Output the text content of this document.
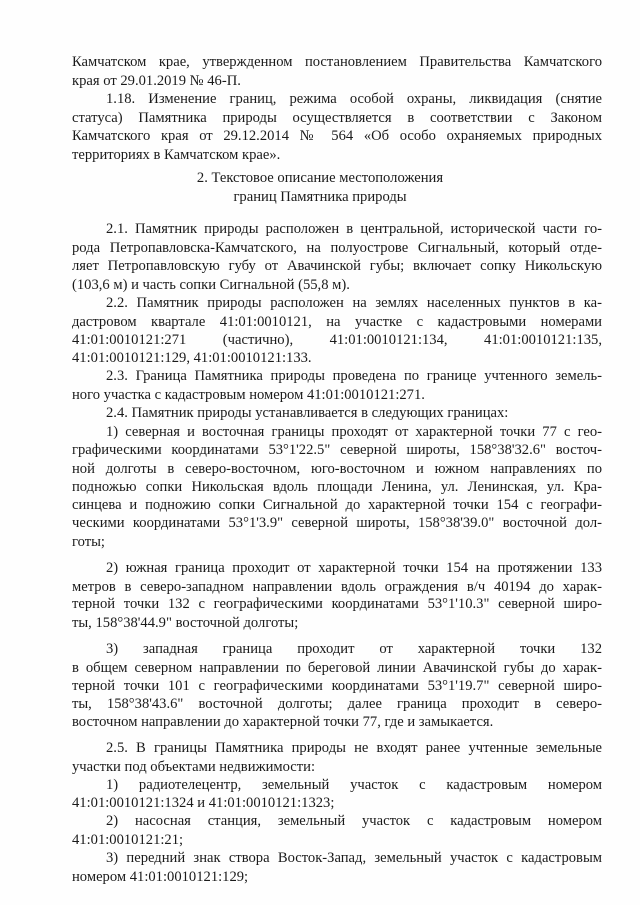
Камчатском крае, утвержденном постановлением Правительства Камчатского
края от 29.01.2019 № 46-П.
1.18. Изменение границ, режима особой охраны, ликвидация (снятие
статуса) Памятника природы осуществляется в соответствии с Законом
Камчатского края от 29.12.2014 № 564 «Об особо охраняемых природных
территориях в Камчатском крае».
2. Текстовое описание местоположения
границ Памятника природы
2.1. Памятник природы расположен в центральной, исторической части го-
рода Петропавловска-Камчатского, на полуострове Сигнальный, который отде-
ляет Петропавловскую губу от Авачинской губы; включает сопку Никольскую
(103,6 м) и часть сопки Сигнальной (55,8 м).
2.2. Памятник природы расположен на землях населенных пунктов в ка-
дастровом квартале 41:01:0010121, на участке с кадастровыми номерами
41:01:0010121:271 (частично), 41:01:0010121:134, 41:01:0010121:135,
41:01:0010121:129, 41:01:0010121:133.
2.3. Граница Памятника природы проведена по границе учтенного земель-
ного участка с кадастровым номером 41:01:0010121:271.
2.4. Памятник природы устанавливается в следующих границах:
1) северная и восточная границы проходят от характерной точки 77 с гео-
графическими координатами 53°1'22.5" северной широты, 158°38'32.6" восточ-
ной долготы в северо-восточном, юго-восточном и южном направлениях по
подножью сопки Никольская вдоль площади Ленина, ул. Ленинская, ул. Кра-
синцева и подножию сопки Сигнальной до характерной точки 154 с географи-
ческими координатами 53°1'3.9" северной широты, 158°38'39.0" восточной дол-
готы;
2) южная граница проходит от характерной точки 154 на протяжении 133
метров в северо-западном направлении вдоль ограждения в/ч 40194 до харак-
терной точки 132 с географическими координатами 53°1'10.3" северной широ-
ты, 158°38'44.9" восточной долготы;
3) западная граница проходит от характерной точки 132
в общем северном направлении по береговой линии Авачинской губы до харак-
терной точки 101 с географическими координатами 53°1'19.7" северной широ-
ты, 158°38'43.6" восточной долготы; далее граница проходит в северо-
восточном направлении до характерной точки 77, где и замыкается.
2.5. В границы Памятника природы не входят ранее учтенные земельные
участки под объектами недвижимости:
1) радиотелецентр, земельный участок с кадастровым номером
41:01:0010121:1324 и 41:01:0010121:1323;
2) насосная станция, земельный участок с кадастровым номером
41:01:0010121:21;
3) передний знак створа Восток-Запад, земельный участок с кадастровым
номером 41:01:0010121:129;
